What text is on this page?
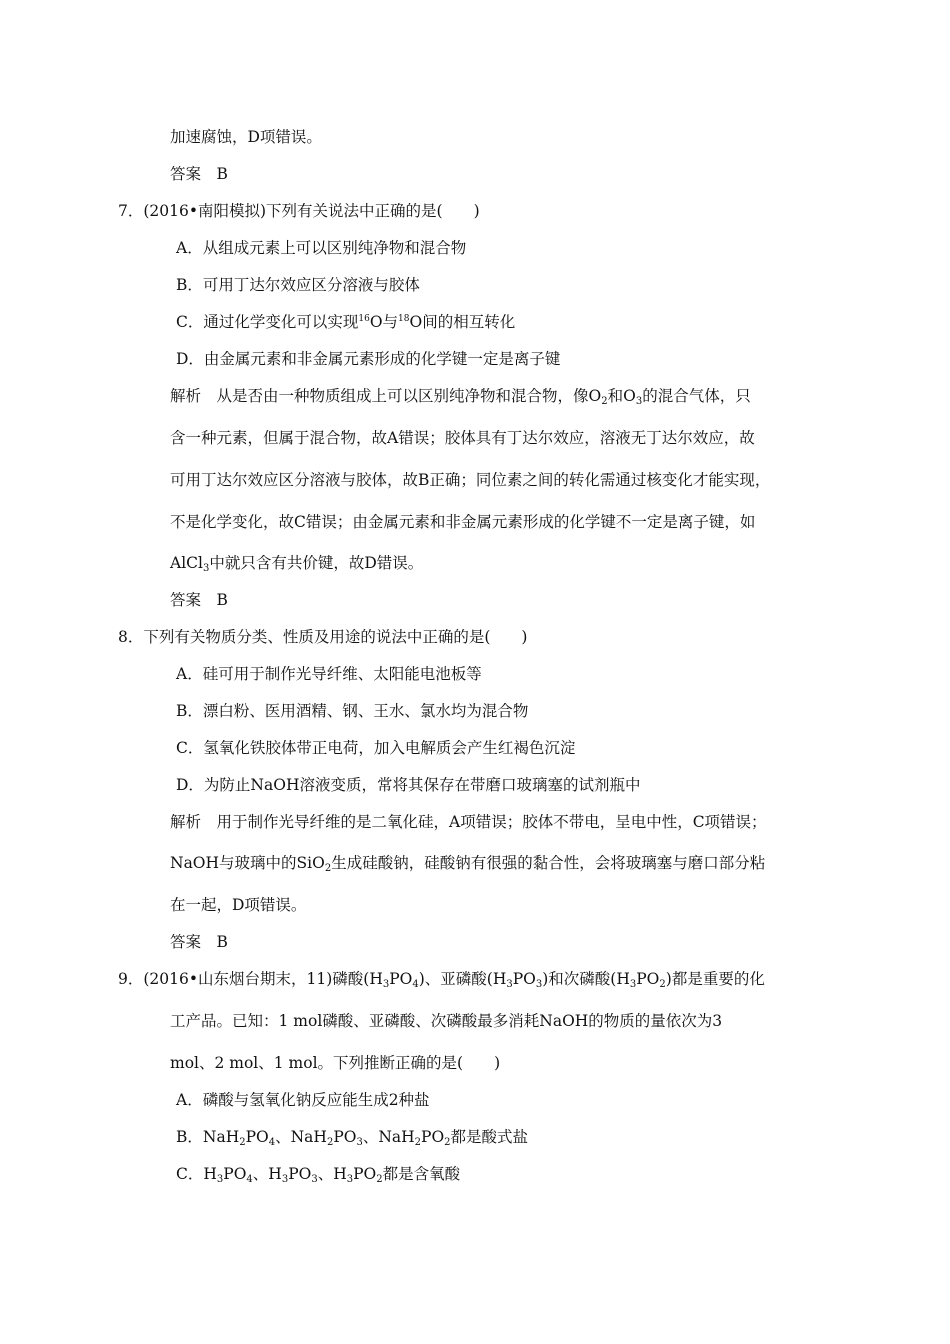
加速腐蚀，D项错误。
答案　B
7．(2016•南阳模拟)下列有关说法中正确的是(　　)
A．从组成元素上可以区别纯净物和混合物
B．可用丁达尔效应区分溶液与胶体
C．通过化学变化可以实现$^{16}$O与$^{18}$O间的相互转化
D．由金属元素和非金属元素形成的化学键一定是离子键
解析　从是否由一种物质组成上可以区别纯净物和混合物，像$O_2$和$O_3$的混合气体，只
含一种元素，但属于混合物，故A错误；胶体具有丁达尔效应，溶液无丁达尔效应，故
可用丁达尔效应区分溶液与胶体，故B正确；同位素之间的转化需通过核变化才能实现，
不是化学变化，故C错误；由金属元素和非金属元素形成的化学键不一定是离子键，如
AlCl$_3$中就只含有共价键，故D错误。
答案　B
8．下列有关物质分类、性质及用途的说法中正确的是(　　)
A．硅可用于制作光导纤维、太阳能电池板等
B．漂白粉、医用酒精、钢、王水、氯水均为混合物
C．氢氧化铁胶体带正电荷，加入电解质会产生红褐色沉淀
D．为防止NaOH溶液变质，常将其保存在带磨口玻璃塞的试剂瓶中
解析　用于制作光导纤维的是二氧化硅，A项错误；胶体不带电，呈电中性，C项错误；
NaOH与玻璃中的SiO$_2$生成硅酸钠，硅酸钠有很强的黏合性，会将玻璃塞与磨口部分粘
在一起，D项错误。
答案　B
9．(2016•山东烟台期末，11)磷酸$(H_3PO_4)$、亚磷酸$(H_3PO_3)$和次磷酸$(H_3PO_2)$都是重要的化
工产品。已知：1 mol磷酸、亚磷酸、次磷酸最多消耗NaOH的物质的量依次为3
mol、2 mol、1 mol。下列推断正确的是(　　)
A．磷酸与氢氧化钠反应能生成2种盐
B．$NaH_2PO_4$、$NaH_2PO_3$、$NaH_2PO_2$都是酸式盐
C．$H_3PO_4$、$H_3PO_3$、$H_3PO_2$都是含氧酸
